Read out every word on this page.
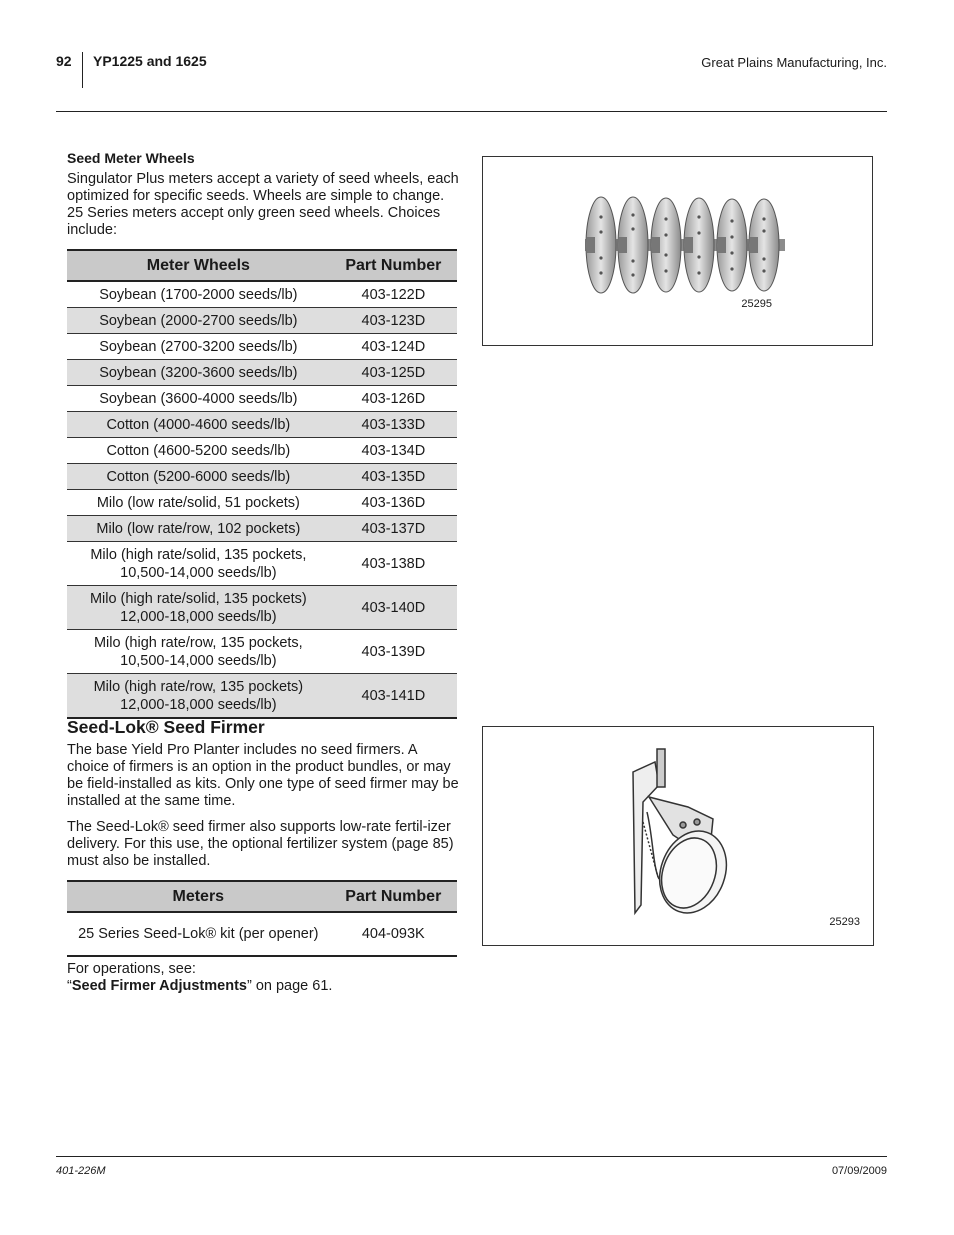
92 YP1225 and 1625	Great Plains Manufacturing, Inc.
Seed Meter Wheels
Singulator Plus meters accept a variety of seed wheels, each optimized for specific seeds. Wheels are simple to change. 25 Series meters accept only green seed wheels. Choices include:
Meter Wheels	Part Number
Soybean (1700-2000 seeds/lb)	403-122D
Soybean (2000-2700 seeds/lb)	403-123D
Soybean (2700-3200 seeds/lb)	403-124D
Soybean (3200-3600 seeds/lb)	403-125D
Soybean (3600-4000 seeds/lb)	403-126D
Cotton (4000-4600 seeds/lb)	403-133D
Cotton (4600-5200 seeds/lb)	403-134D
Cotton (5200-6000 seeds/lb)	403-135D
Milo (low rate/solid, 51 pockets)	403-136D
Milo (low rate/row, 102 pockets)	403-137D
Milo (high rate/solid, 135 pockets, 10,500-14,000 seeds/lb)	403-138D
Milo (high rate/solid, 135 pockets) 12,000-18,000 seeds/lb)	403-140D
Milo (high rate/row, 135 pockets, 10,500-14,000 seeds/lb)	403-139D
Milo (high rate/row, 135 pockets) 12,000-18,000 seeds/lb)	403-141D
25295
Seed-Lok® Seed Firmer
The base Yield Pro Planter includes no seed firmers. A choice of firmers is an option in the product bundles, or may be field-installed as kits. Only one type of seed firmer may be installed at the same time.
The Seed-Lok® seed firmer also supports low-rate fertil-izer delivery. For this use, the optional fertilizer system (page 85) must also be installed.
Meters	Part Number
25 Series Seed-Lok® kit (per opener)	404-093K
For operations, see:
“Seed Firmer Adjustments” on page 61.
25293
401-226M	07/09/2009
